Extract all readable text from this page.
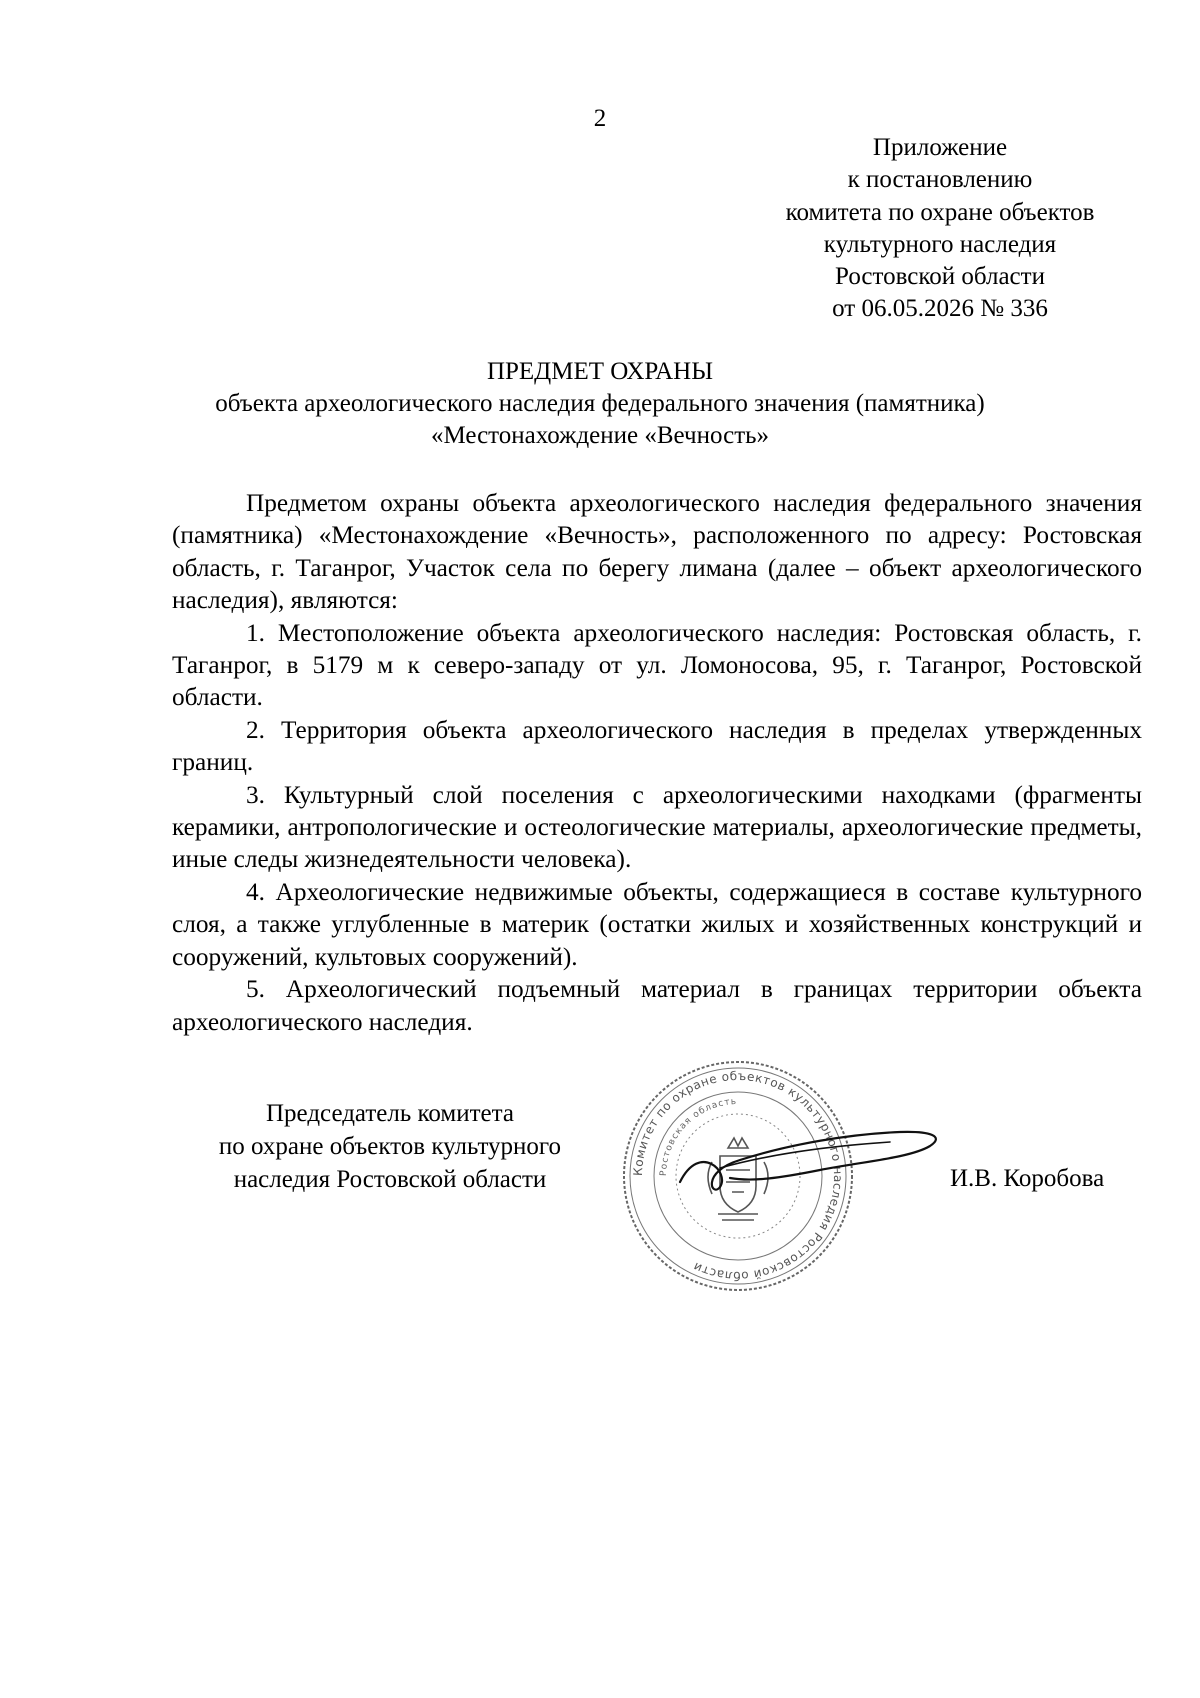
2
Приложение
к постановлению
комитета по охране объектов
культурного наследия
Ростовской области
от 06.05.2026 № 336
ПРЕДМЕТ ОХРАНЫ
объекта археологического наследия федерального значения (памятника)
«Местонахождение «Вечность»

Предметом охраны объекта археологического наследия федерального значения (памятника) «Местонахождение «Вечность», расположенного по адресу: Ростовская область, г. Таганрог, Участок села по берегу лимана (далее – объект археологического наследия), являются:

1. Местоположение объекта археологического наследия: Ростовская область, г. Таганрог, в 5179 м к северо-западу от ул. Ломоносова, 95, г. Таганрог, Ростовской области.

2. Территория объекта археологического наследия в пределах утвержденных границ.

3. Культурный слой поселения с археологическими находками (фрагменты керамики, антропологические и остеологические материалы, археологические предметы, иные следы жизнедеятельности человека).

4. Археологические недвижимые объекты, содержащиеся в составе культурного слоя, а также углубленные в материк (остатки жилых и хозяйственных конструкций и сооружений, культовых сооружений).

5. Археологический подъемный материал в границах территории объекта археологического наследия.

Председатель комитета
по охране объектов культурного
наследия Ростовской области	И.В. Коробова
Комитет по охране объектов культурного наследия Ростовской области
Ростовская область
